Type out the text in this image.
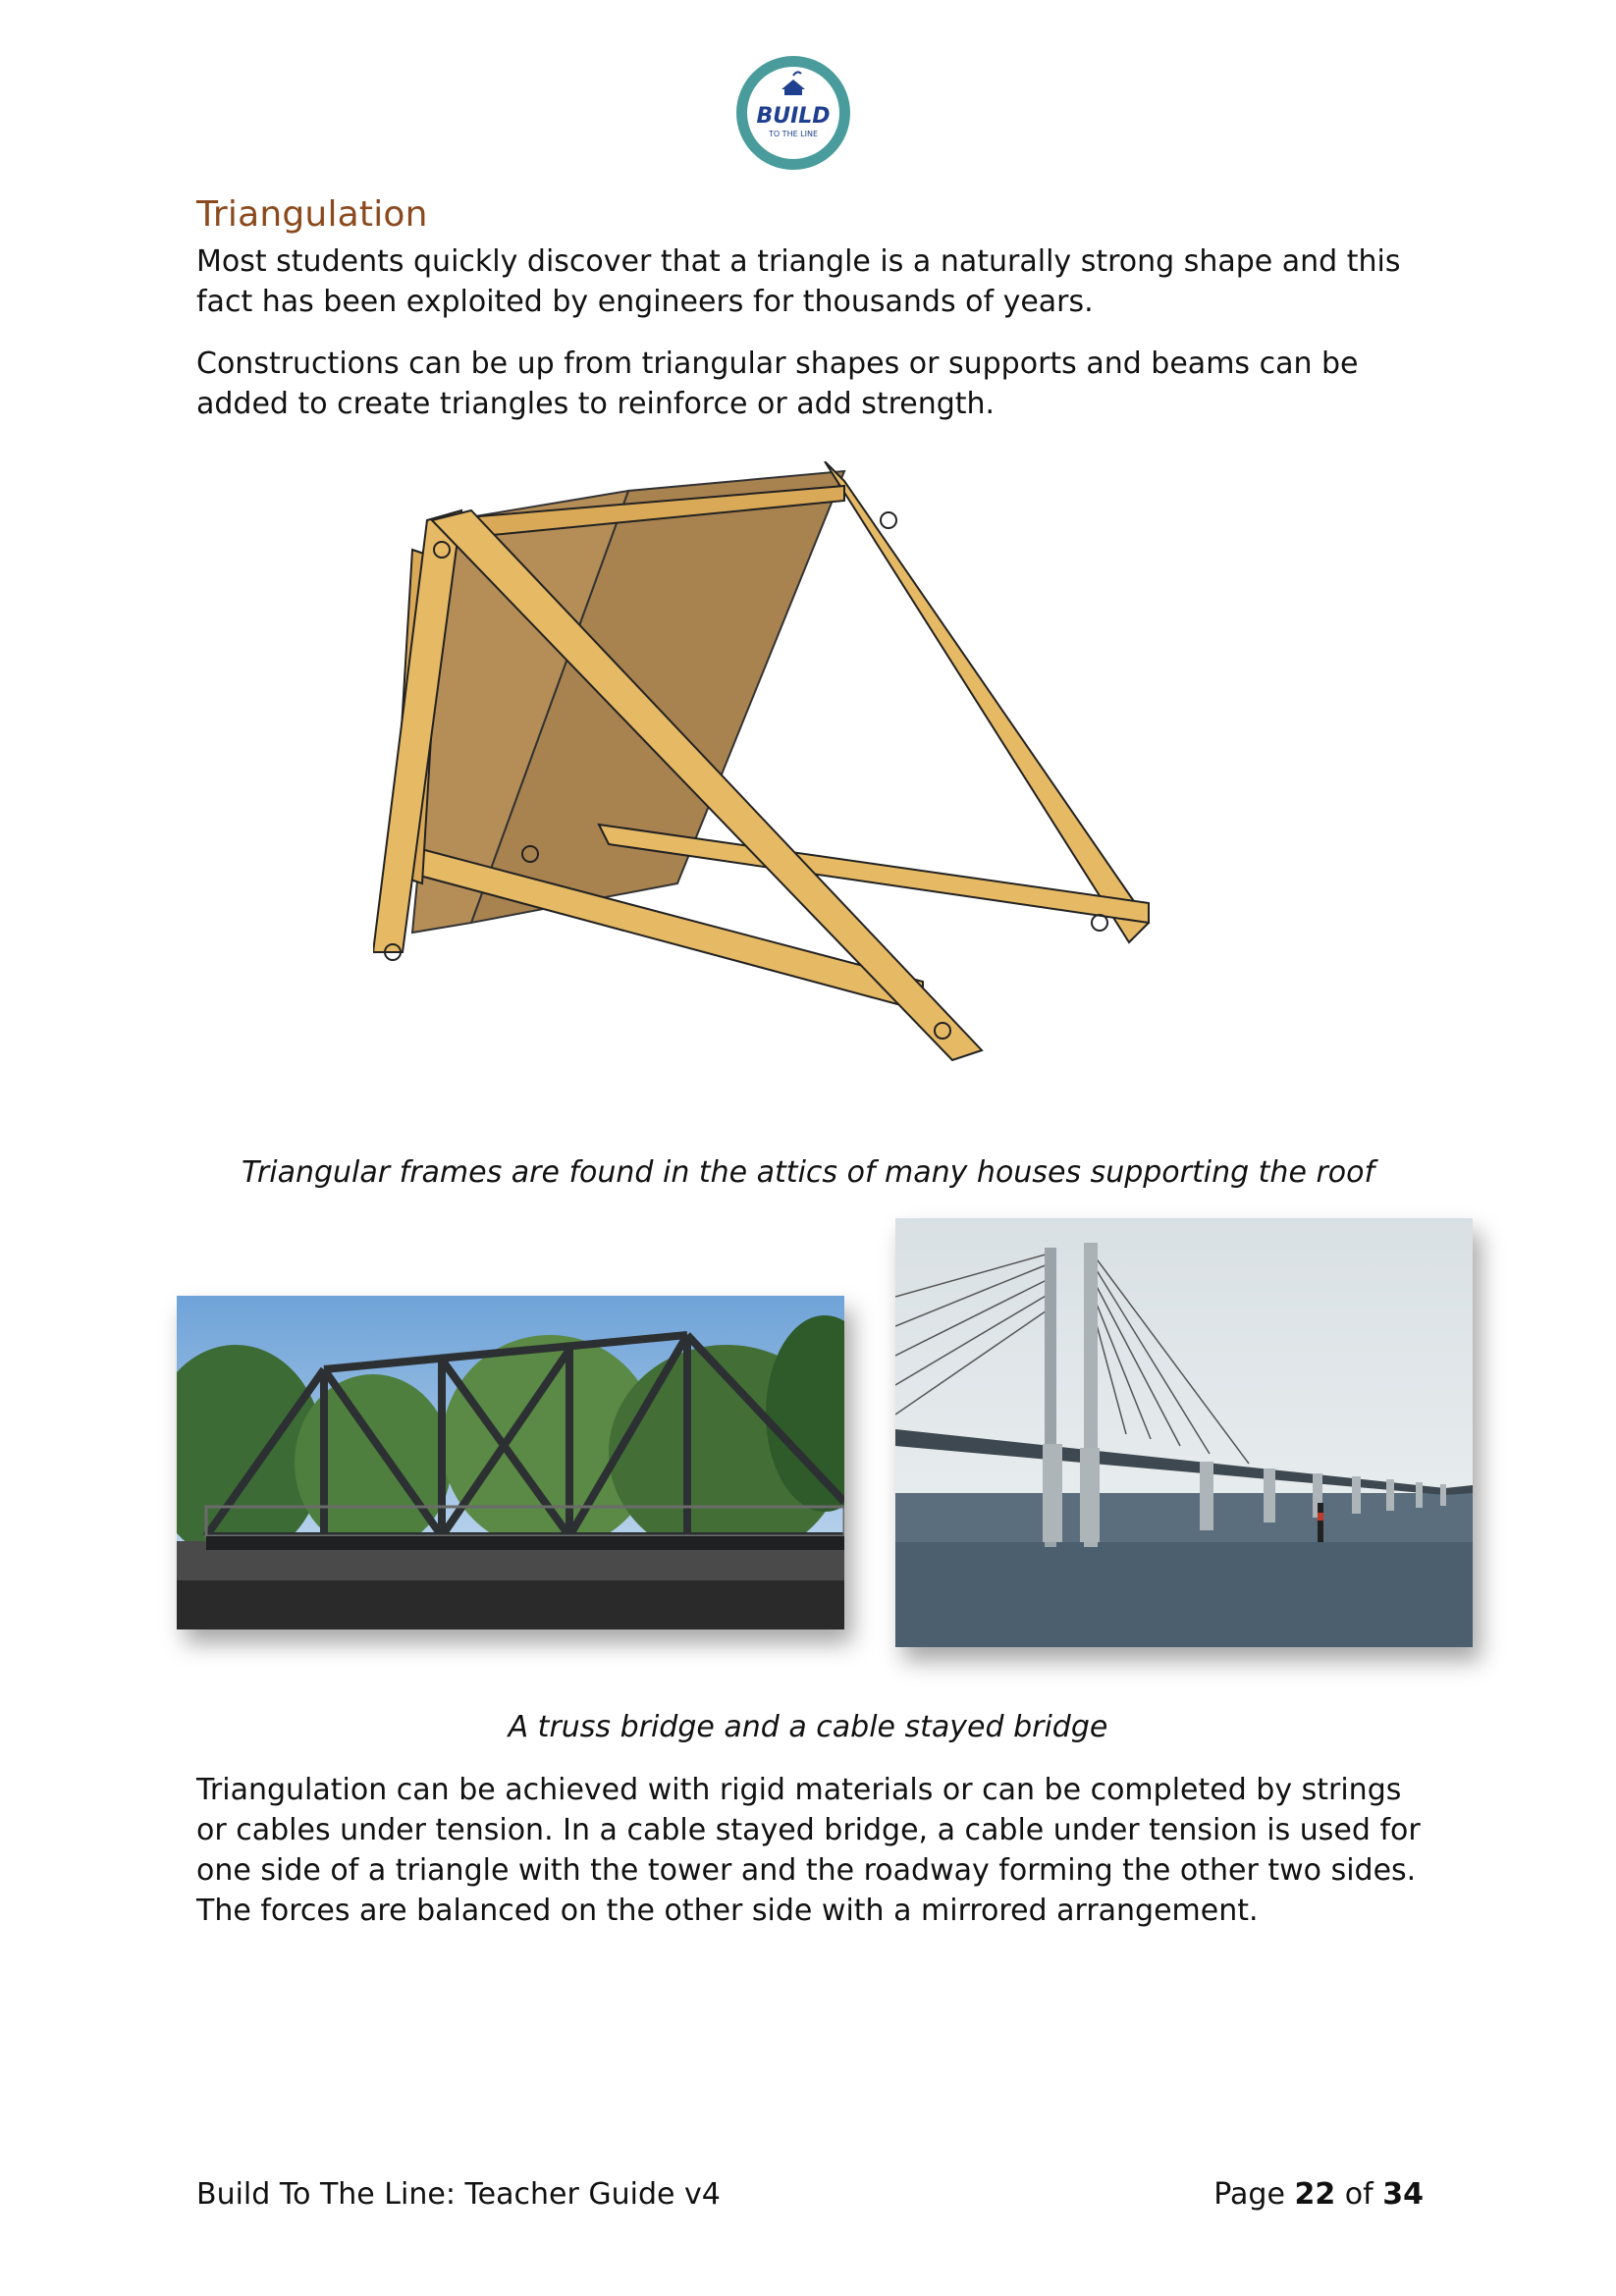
BUILD
TO THE LINE
Triangulation
Most students quickly discover that a triangle is a naturally strong shape and this fact has been exploited by engineers for thousands of years.
Constructions can be up from triangular shapes or supports and beams can be added to create triangles to reinforce or add strength.
Triangular frames are found in the attics of many houses supporting the roof
A truss bridge and a cable stayed bridge
Triangulation can be achieved with rigid materials or can be completed by strings or cables under tension. In a cable stayed bridge, a cable under tension is used for one side of a triangle with the tower and the roadway forming the other two sides. The forces are balanced on the other side with a mirrored arrangement.
Build To The Line: Teacher Guide v4	Page 22 of 34
